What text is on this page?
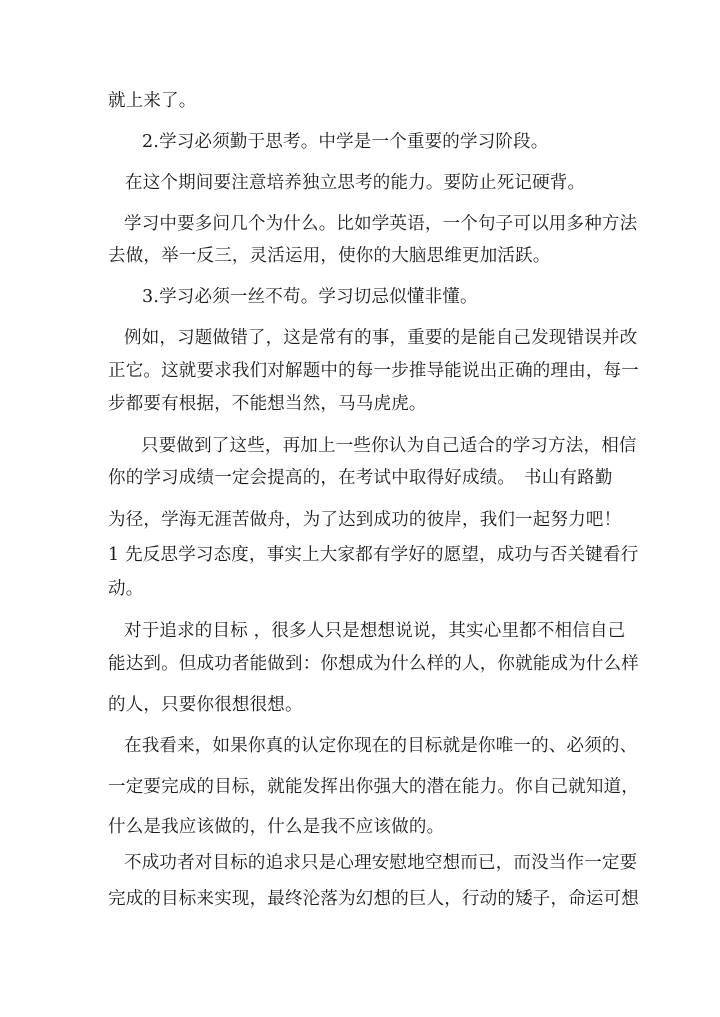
就上来了。
2.学习必须勤于思考。中学是一个重要的学习阶段。
在这个期间要注意培养独立思考的能力。要防止死记硬背。
学习中要多问几个为什么。比如学英语，一个句子可以用多种方法
去做，举一反三，灵活运用，使你的大脑思维更加活跃。
3.学习必须一丝不苟。学习切忌似懂非懂。
例如，习题做错了，这是常有的事，重要的是能自己发现错误并改
正它。这就要求我们对解题中的每一步推导能说出正确的理由，每一
步都要有根据，不能想当然，马马虎虎。
只要做到了这些，再加上一些你认为自己适合的学习方法，相信
你的学习成绩一定会提高的，在考试中取得好成绩。　书山有路勤
为径，学海无涯苦做舟，为了达到成功的彼岸，我们一起努力吧！
1 先反思学习态度，事实上大家都有学好的愿望，成功与否关键看行
动。
对于追求的目标 ，很多人只是想想说说，其实心里都不相信自己
能达到。但成功者能做到：你想成为什么样的人，你就能成为什么样
的人，只要你很想很想。
在我看来，如果你真的认定你现在的目标就是你唯一的、必须的、
一定要完成的目标，就能发挥出你强大的潜在能力。你自己就知道，
什么是我应该做的，什么是我不应该做的。
不成功者对目标的追求只是心理安慰地空想而已，而没当作一定要
完成的目标来实现，最终沦落为幻想的巨人，行动的矮子，命运可想
